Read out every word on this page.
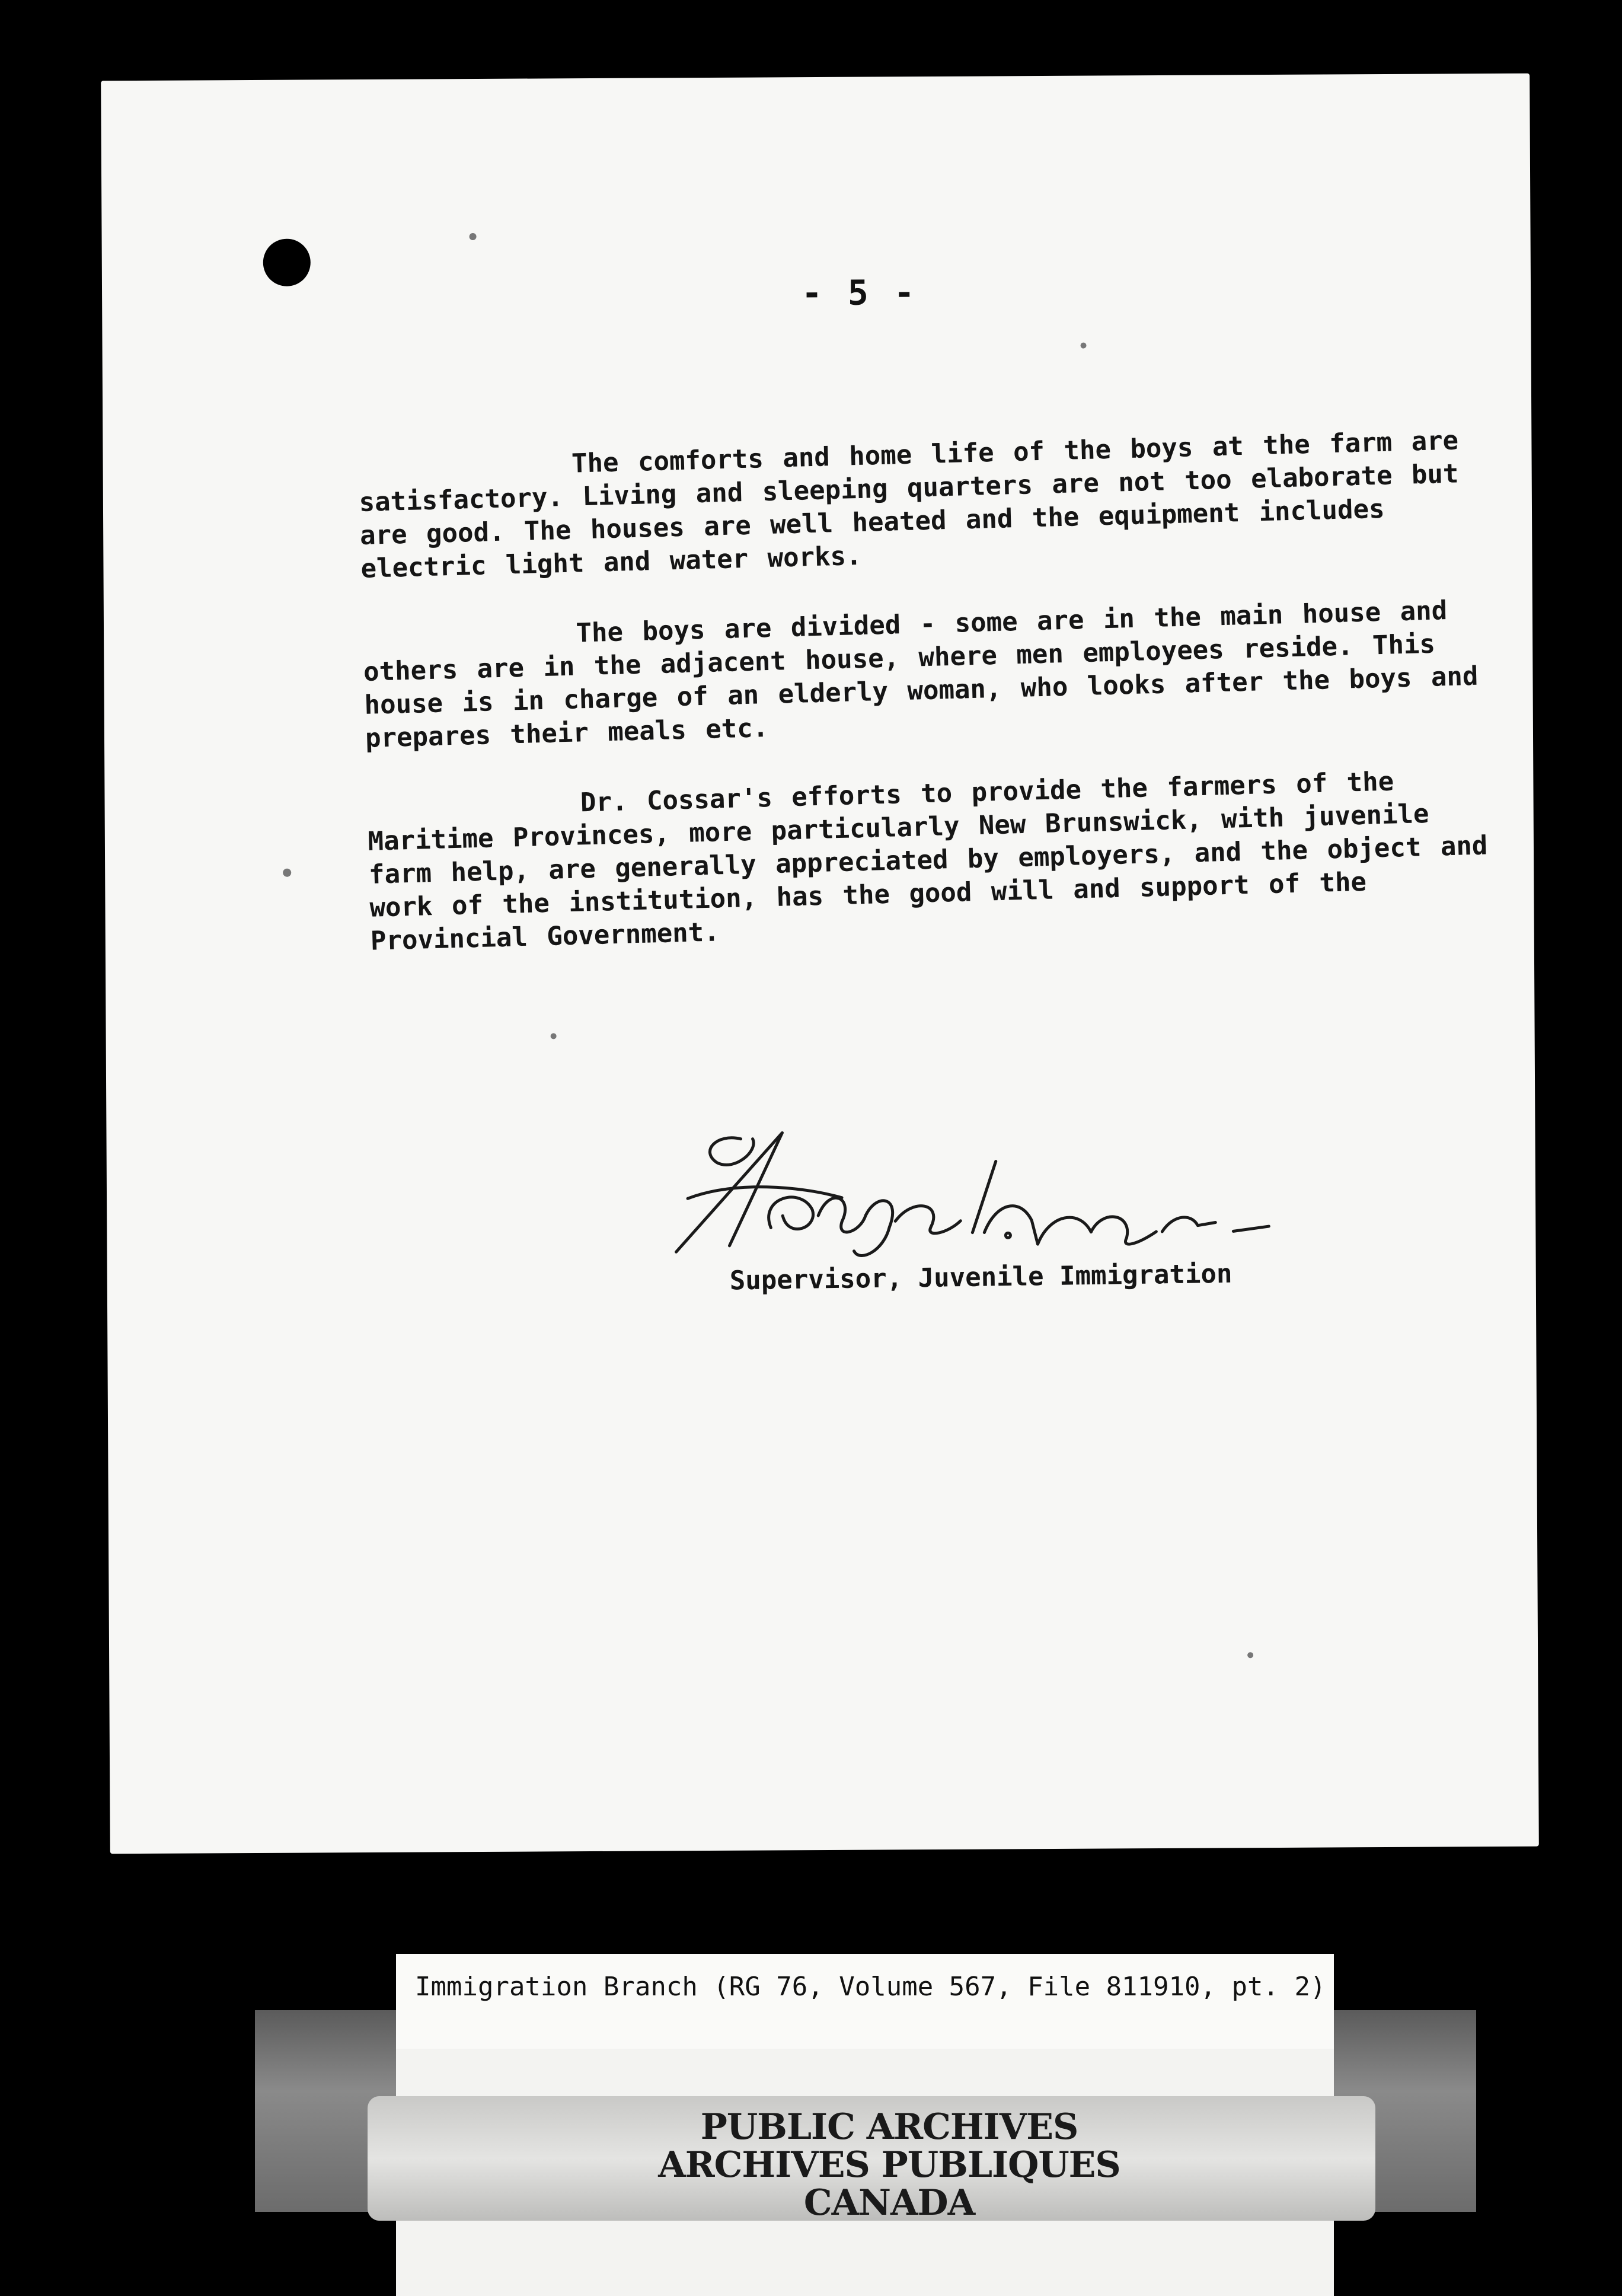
- 5 -

The comforts and home life of the boys at the farm are satisfactory. Living and sleeping quarters are not too elaborate but are good. The houses are well heated and the equipment includes electric light and water works.

The boys are divided - some are in the main house and others are in the adjacent house, where men employees reside. This house is in charge of an elderly woman, who looks after the boys and prepares their meals etc.

Dr. Cossar's efforts to provide the farmers of the Maritime Provinces, more particularly New Brunswick, with juvenile farm help, are generally appreciated by employers, and the object and work of the institution, has the good will and support of the Provincial Government.

Supervisor, Juvenile Immigration
Immigration Branch (RG 76, Volume 567, File 811910, pt. 2)
PUBLIC ARCHIVES
ARCHIVES PUBLIQUES
CANADA
